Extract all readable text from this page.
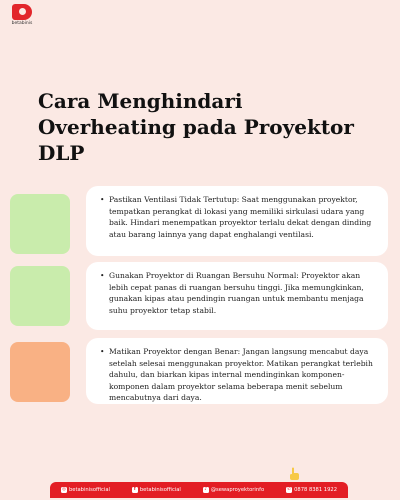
betabinis
Cara Menghindari Overheating pada Proyektor DLP

• Pastikan Ventilasi Tidak Tertutup: Saat menggunakan proyektor, tempatkan perangkat di lokasi yang memiliki sirkulasi udara yang baik. Hindari menempatkan proyektor terlalu dekat dengan dinding atau barang lainnya yang dapat enghalangi ventilasi.

• Gunakan Proyektor di Ruangan Bersuhu Normal: Proyektor akan lebih cepat panas di ruangan bersuhu tinggi. Jika memungkinkan, gunakan kipas atau pendingin ruangan untuk membantu menjaga suhu proyektor tetap stabil.

• Matikan Proyektor dengan Benar: Jangan langsung mencabut daya setelah selesai menggunakan proyektor. Matikan perangkat terlebih dahulu, dan biarkan kipas internal mendinginkan komponen-komponen dalam proyektor selama beberapa menit sebelum mencabutnya dari daya.

◎ betabinisofficial	f betabinisofficial	♪ @sewaproyektorinfo	✆ 0878 8381 1922
